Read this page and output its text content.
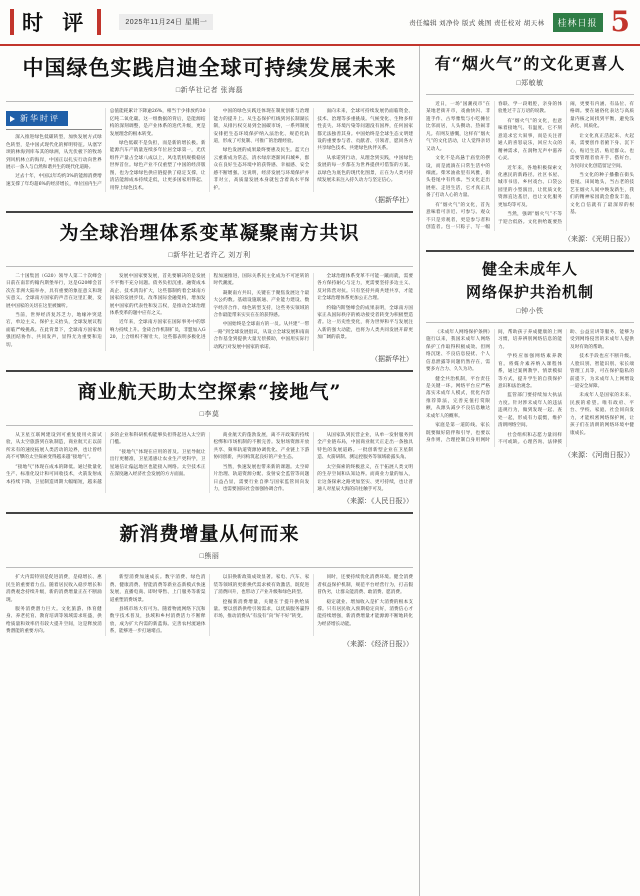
时 评	2025年11月24日 星期一	责任编辑 刘净伶 版式 姚图 责任校对 胡天林	桂林日报 5
中国绿色实践启迪全球可持续发展未来
□新华社记者 张海磊
新华时评

深入推进绿色低碳转型，加快发展方式绿色转型，是中国式现代化的鲜明特征。从塞罕坝的林海到库布其的绿洲，从光伏板下的牧场到风机林立的海岸，中国正以扎实行动向世界展示一条人与自然和谐共生的现代化道路。

过去十年，中国以年均约3%的能源消费增速支撑了年均超6%的经济增长，单位国内生产总值能耗累计下降逾26%，相当于少排放约30亿吨二氧化碳。这一组数据的背后，是能源结构的深刻调整，是产业体系的迭代升级，更是发展理念的根本转变。

绿色低碳不是负担，而是新的增长极。新能源汽车产销量连续多年位居全球第一，光伏组件产量占全球八成以上，风电装机规模稳居世界首位。绿色产业不仅重塑了中国的经济版图，也为全球绿色供应链提供了稳定支撑，让清洁能源成本持续走低，让更多国家用得起、用得上绿色技术。

中国的绿色实践还体现在制度创新与治理能力的提升上。从生态保护红线到河长制湖长制，从排污权交易到全国碳市场，一系列制度安排把生态环境保护纳入法治化、规范化轨道，形成了可复制、可推广的治理经验。

绿色发展的成果最终要惠及民生。蓝天白云重新成为常态，清水绿岸逐渐回归城乡，群众在良好生态环境中的获得感、幸福感、安全感不断增强。这说明，经济发展与环境保护并非对立，高质量发展本身就包含着高水平保护。

面向未来，全球可持续发展仍面临资金、技术、治理等多重挑战。气候变化、生物多样性丧失、环境污染等问题没有国界，任何国家都无法独善其身。中国始终是全球生态文明建设的重要参与者、贡献者、引领者，愿同各方共享绿色技术、共建绿色伙伴关系。

从承诺到行动，从理念到实践，中国绿色发展的每一步都在为世界提供可借鉴的方案。以绿色为底色的现代化图景，正在为人类可持续发展未来注入持久动力与坚定信心。

（据新华社）
为全球治理体系变革凝聚南方共识
□新华社记者许乙 刘万利

二十国集团（G20）领导人第二十次峰会日前在南非约翰内斯堡举行，这是G20峰会首次在非洲大陆举办，具有重要的象征意义和现实意义。全球南方国家的声音在这里汇聚，发展中国家的关切在这里被倾听。

当前，世界经济复苏乏力，地缘冲突延宕，单边主义、保护主义抬头，全球发展议程面临严峻挑战。在此背景下，全球南方国家加强团结协作、共同发声，显得尤为重要和迫切。

发展中国家要发展，首先要解决的是发展不平衡不充分问题。债务负担沉重、融资成本高企、技术鸿沟扩大，这些都制约着全球南方国家的发展步伐。改革国际金融架构，增加发展中国家的代表性和发言权，是推动全球治理体系变革的题中应有之义。

近年来，全球南方国家在国际事务中的影响力持续上升。金砖合作机制扩员，非盟加入G20，上合组织不断壮大，这些都表明多极化进程加速推进，国际关系民主化成为不可逆转的时代潮流。

凝聚南方共识，关键在于聚焦发展这个最大公约数。基础设施联通、产业能力建设、数字经济合作、绿色转型支持，这些务实领域的合作最能带来实实在在的获得感。

中国始终是全球南方的一员。从共建“一带一路”到全球发展倡议，从设立全球发展和南南合作基金到提供大量无偿援助，中国用实际行动践行对发展中国家的承诺。

全球治理体系变革不可能一蹴而就，需要各方保持耐心与定力，更需要坚持多边主义、反对阵营对抗。只有坚持共商共建共享，才能让全球治理体系更加公正合理。

约翰内斯堡峰会的成果表明，全球南方国家正从国际秩序的被动接受者转变为积极塑造者。这一历史性变化，将为世界和平与发展注入新的强大动能，也将为人类共同发展开辟更加广阔的前景。

（据新华社）
商业航天助太空探索“接地气”
□李莫

从卫星互联网建设到可重复使用火箭试验，从太空旅游到在轨制造，商业航天正以前所未有的速度拓展人类活动的边界，也让曾经高不可攀的太空探索变得越来越“接地气”。

“接地气”体现在成本的降低。通过批量化生产、标准化设计和可回收技术，火箭发射成本持续下降，卫星制造周期大幅缩短，越来越多的企业和科研机构能够负担得起进入太空的门槛。

“接地气”体现在应用的普及。卫星导航让出行更精准，卫星遥感让农业生产更科学，卫星通信让偏远地区也能接入网络。太空技术正在深度融入经济社会发展的方方面面。

商业航天的蓬勃发展，离不开政策的持续松绑和市场机制的不断完善。发射场资源开放共享、频率轨道资源协调优化、产业链上下游协同创新，共同构筑起良好的产业生态。

当然，快速发展也带来新的课题。太空碎片治理、轨道资源分配、发射安全监管等问题日益凸显，需要行业自律与国家监管同向发力，也需要国际社会加强协调合作。

从国家队到民营企业，从单一发射服务到全产业链布局，中国商业航天正走出一条独具特色的发展道路。一批创新型企业在卫星制造、火箭研制、测运控服务等领域崭露头角。

太空探索的终极意义，在于拓展人类文明的生存空间和认知边界。而商业力量的加入，让这条探索之路更加坚实、更可持续，也让普通人对星辰大海的向往触手可及。

（来源：《人民日报》）
新消费增量从何而来
□熊丽

扩大内需特别是促进消费，是稳增长、惠民生的重要着力点。随着居民收入稳步增长和消费观念持续升级，新的消费增量正在不断涌现。

服务消费潜力巨大。文化旅游、体育健身、养老托育、教育培训等领域需求旺盛，供给质量和效率仍有较大提升空间，这是释放消费潜能的重要方向。

新型消费加速成长。数字消费、绿色消费、健康消费、智能消费等新业态新模式快速发展，直播电商、即时零售、上门服务等新渠道重塑消费场景。

县域市场大有可为。随着物流网络下沉和数字技术普及，县域和乡村消费活力不断释放，成为扩大内需的新蓝海。完善农村流通体系，能够进一步打通堵点。

以旧换新政策成效显著。家电、汽车、家装等领域的更新换代需求被有效激活，既促进了消费回升，也带动了产业升级和绿色转型。

挖掘新消费增量，关键在于提升供给质量。要以创新供给引领需求，以优质服务赢得市场，推动消费从“有没有”向“好不好”转变。

同时，还要持续优化消费环境。健全消费者权益保护机制，规范平台经营行为，打击假冒伪劣，让群众能消费、敢消费、愿消费。

稳定就业、增加收入是扩大消费的根本支撑。只有居民收入预期稳定向好，消费信心才能持续增强，新消费增量才能源源不断地转化为经济增长动能。

（来源：《经济日报》）
有“烟火气”的文化更喜人
□郑敏敏

近日，一场“国潮夜市”在某地老街开市，戏曲快闪、非遗手作、古琴雅集与小吃摊位比邻而居，人头攒动、热闹非凡。有网友感慨，这样有“烟火气”的文化活动，让人觉得亲切又动人。

文化不是高悬于庙堂的摆设，而是流淌在日常生活中的细流。柴米油盐里有风雅，街头巷尾中有传承。当文化走出展柜、走进生活，它才真正具备了打动人心的力量。

有“烟火气”的文化，首先意味着可亲近、可参与。观众不只是旁观者，更是参与者和创造者。包一只粽子、写一幅春联、学一段唱腔，亲身的体验胜过千言万语的说教。

有“烟火气”的文化，也意味着接地气、有温度。它不刻意追求宏大叙事，而是关注普通人的喜怒哀乐，回应大众的精神需求，在润物无声中滋养心灵。

近年来，各地积极探索文化惠民的新路径。社区书屋、城市书房、乡村戏台、口袋公园里的小型演出，让优质文化资源直达基层，也让文化服务更加均等可及。

当然，强调“烟火气”不等于迎合低俗。文化供给既要热闹，更要有内涵、有品位、有格调。要在通俗化表达与高质量内核之间找到平衡，避免浅表化、同质化。

让文化真正活起来、火起来，需要创作者俯下身、沉下心，贴近生活、贴近群众。也需要管理者放开手、搭好台，为民间文化创造留足空间。

当文化的种子播撒在街头巷尾、田间地头，当古老的技艺在烟火人间中焕发新生，我们的精神家园就会愈发丰盈，文化自信就有了最深厚的根基。

（来源：《光明日报》）
健全未成年人
网络保护共治机制
□钟小铁

《未成年人网络保护条例》施行以来，我国未成年人网络保护工作取得积极成效。但网络沉迷、不良信息侵扰、个人信息泄露等问题仍然存在，需要多方合力、久久为功。

健全共治机制，平台责任是关键一环。网络平台应严格落实未成年人模式，优化内容推荐算法，完善充值打赏限额，从源头减少不良信息触达未成年人的概率。

家庭是第一道防线。家长既要做好陪伴和引导，也要以身作则，合理控制自身用网时间，帮助孩子养成健康的上网习惯，培养辨别网络信息的能力。

学校应加强网络素养教育。将媒介素养纳入课程体系，通过案例教学、情景模拟等方式，提升学生的自我保护意识和法治观念。

监管部门要持续加大执法力度。针对涉未成年人的违法违规行为，做到发现一起、查处一起，形成有力震慑，维护清朗网络空间。

社会组织和志愿力量同样不可或缺。心理咨询、法律援助、公益宣讲等服务，能够为受到网络侵害的未成年人提供及时有效的帮助。

技术手段也应不断升级。人脸识别、智能识别、家长端管理工具等，可在保护隐私的前提下，为未成年人上网增设一道安全屏障。

未成年人是国家的未来、民族的希望。唯有政府、平台、学校、家庭、社会同向发力，才能织密网络保护网，让孩子们在清朗的网络环境中健康成长。

（来源：《河南日报》）
